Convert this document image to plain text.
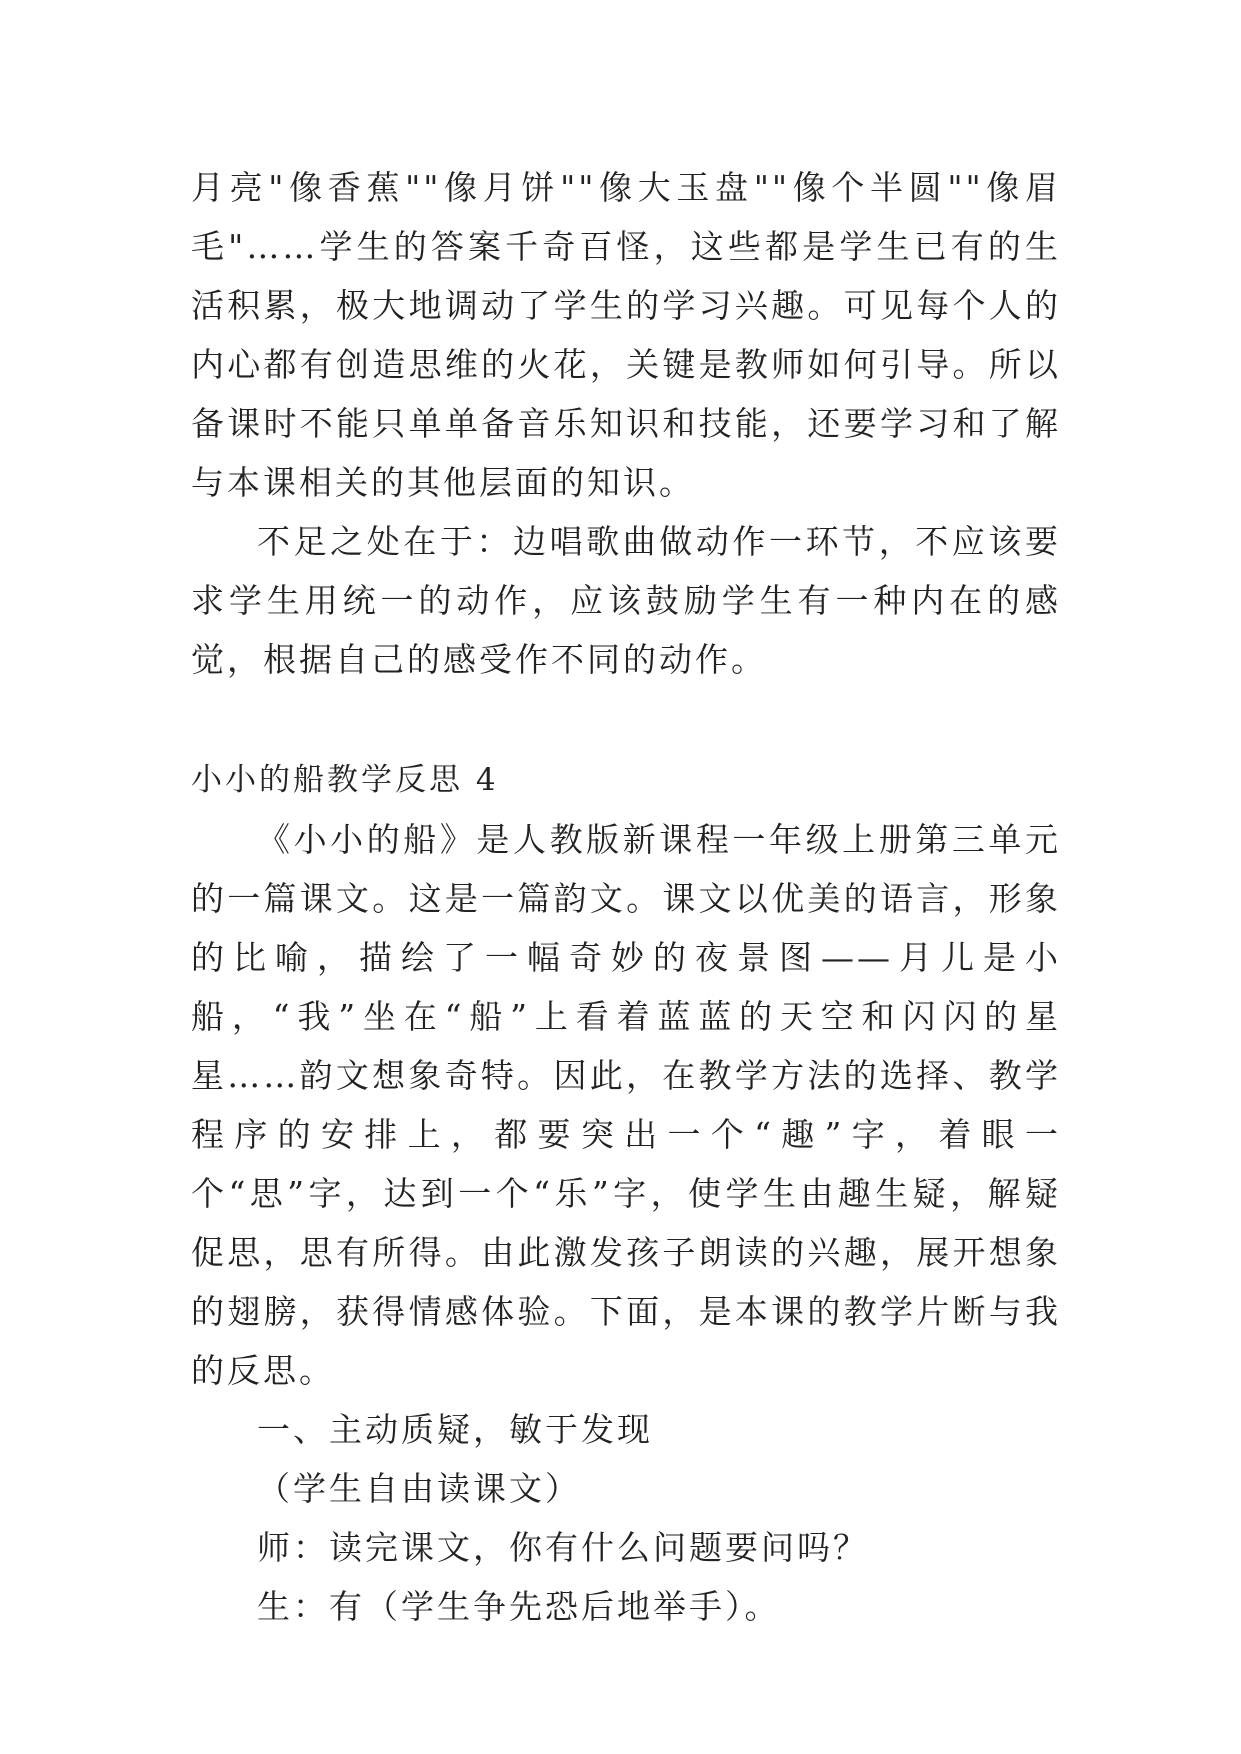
月亮"像香蕉""像月饼""像大玉盘""像个半圆""像眉毛"……学生的答案千奇百怪，这些都是学生已有的生活积累，极大地调动了学生的学习兴趣。可见每个人的内心都有创造思维的火花，关键是教师如何引导。所以备课时不能只单单备音乐知识和技能，还要学习和了解与本课相关的其他层面的知识。

不足之处在于：边唱歌曲做动作一环节，不应该要求学生用统一的动作，应该鼓励学生有一种内在的感觉，根据自己的感受作不同的动作。

小小的船教学反思 4

《小小的船》是人教版新课程一年级上册第三单元的一篇课文。这是一篇韵文。课文以优美的语言，形象的比喻，描绘了一幅奇妙的夜景图——月儿是小船，“我”坐在“船”上看着蓝蓝的天空和闪闪的星星……韵文想象奇特。因此，在教学方法的选择、教学程序的安排上，都要突出一个“趣”字，着眼一个“思”字，达到一个“乐”字，使学生由趣生疑，解疑促思，思有所得。由此激发孩子朗读的兴趣，展开想象的翅膀，获得情感体验。下面，是本课的教学片断与我的反思。

一、主动质疑，敏于发现

（学生自由读课文）

师：读完课文，你有什么问题要问吗？

生：有（学生争先恐后地举手）。
